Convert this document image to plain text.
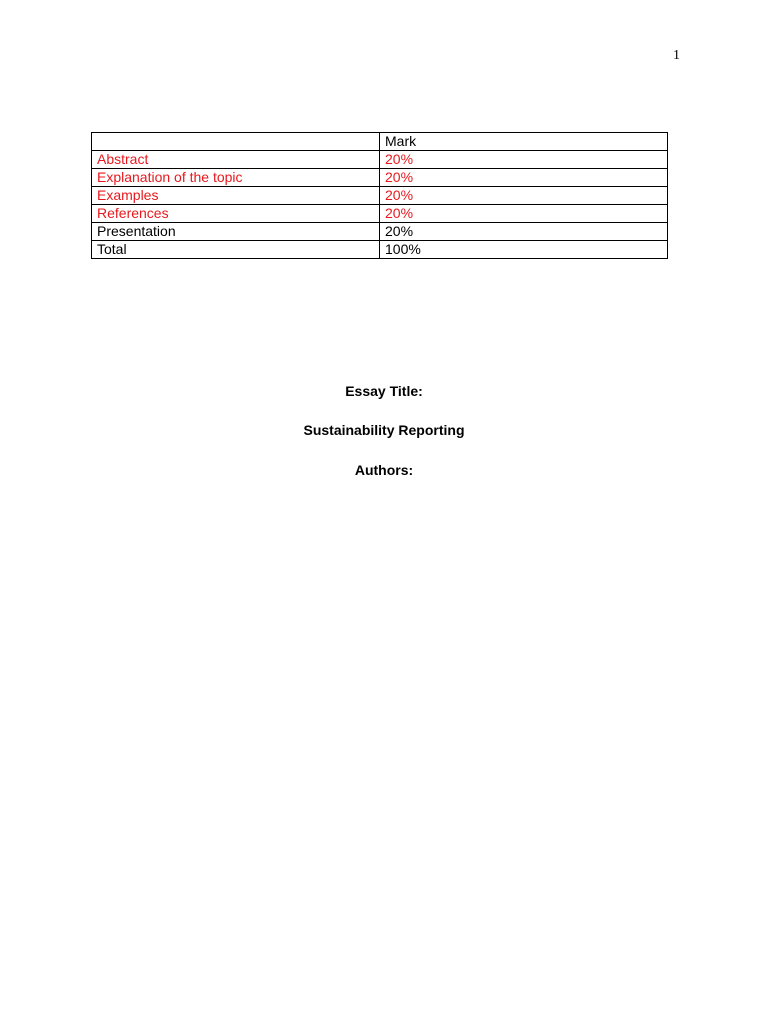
1
	Mark
Abstract	20%
Explanation of the topic	20%
Examples	20%
References	20%
Presentation	20%
Total	100%
Essay Title:
Sustainability Reporting
Authors:
